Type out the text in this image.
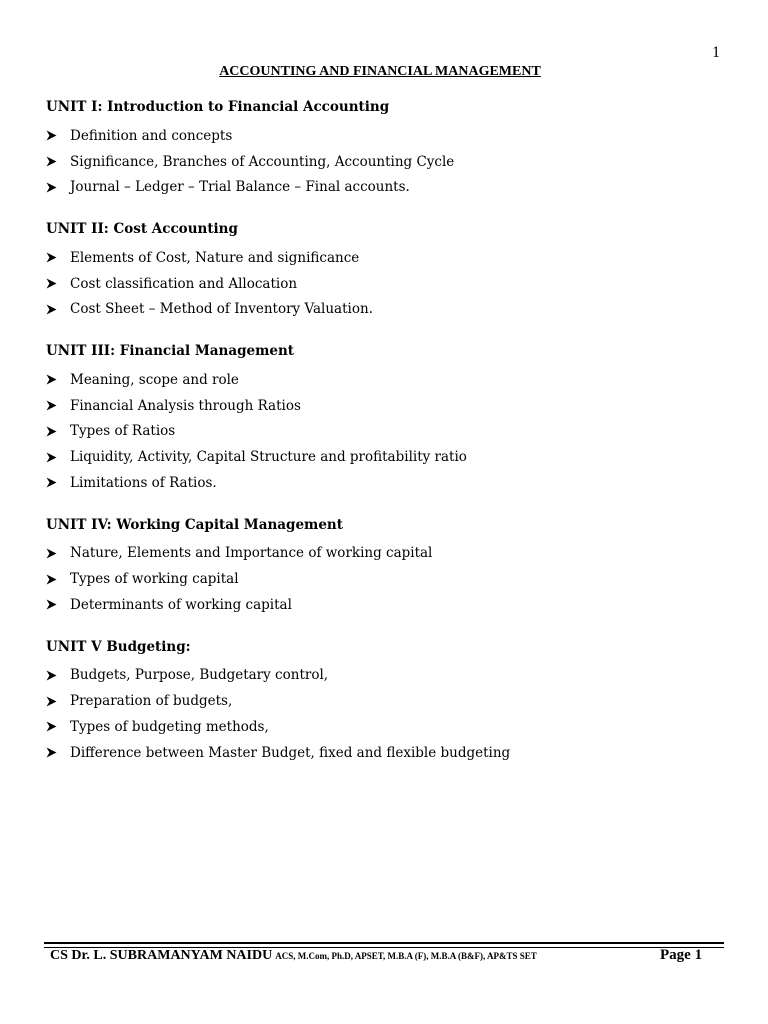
1
ACCOUNTING AND FINANCIAL MANAGEMENT
UNIT I: Introduction to Financial Accounting
Definition and concepts
Significance, Branches of Accounting, Accounting Cycle
Journal – Ledger – Trial Balance – Final accounts.
UNIT II: Cost Accounting
Elements of Cost, Nature and significance
Cost classification and Allocation
Cost Sheet – Method of Inventory Valuation.
UNIT III: Financial Management
Meaning, scope and role
Financial Analysis through Ratios
Types of Ratios
Liquidity, Activity, Capital Structure and profitability ratio
Limitations of Ratios.
UNIT IV: Working Capital Management
Nature, Elements and Importance of working capital
Types of working capital
Determinants of working capital
UNIT V Budgeting:
Budgets, Purpose, Budgetary control,
Preparation of budgets,
Types of budgeting methods,
Difference between Master Budget, fixed and flexible budgeting
CS Dr. L. SUBRAMANYAM NAIDU ACS, M.Com, Ph.D, APSET, M.B.A (F), M.B.A (B&F), AP&TS SET	Page 1
